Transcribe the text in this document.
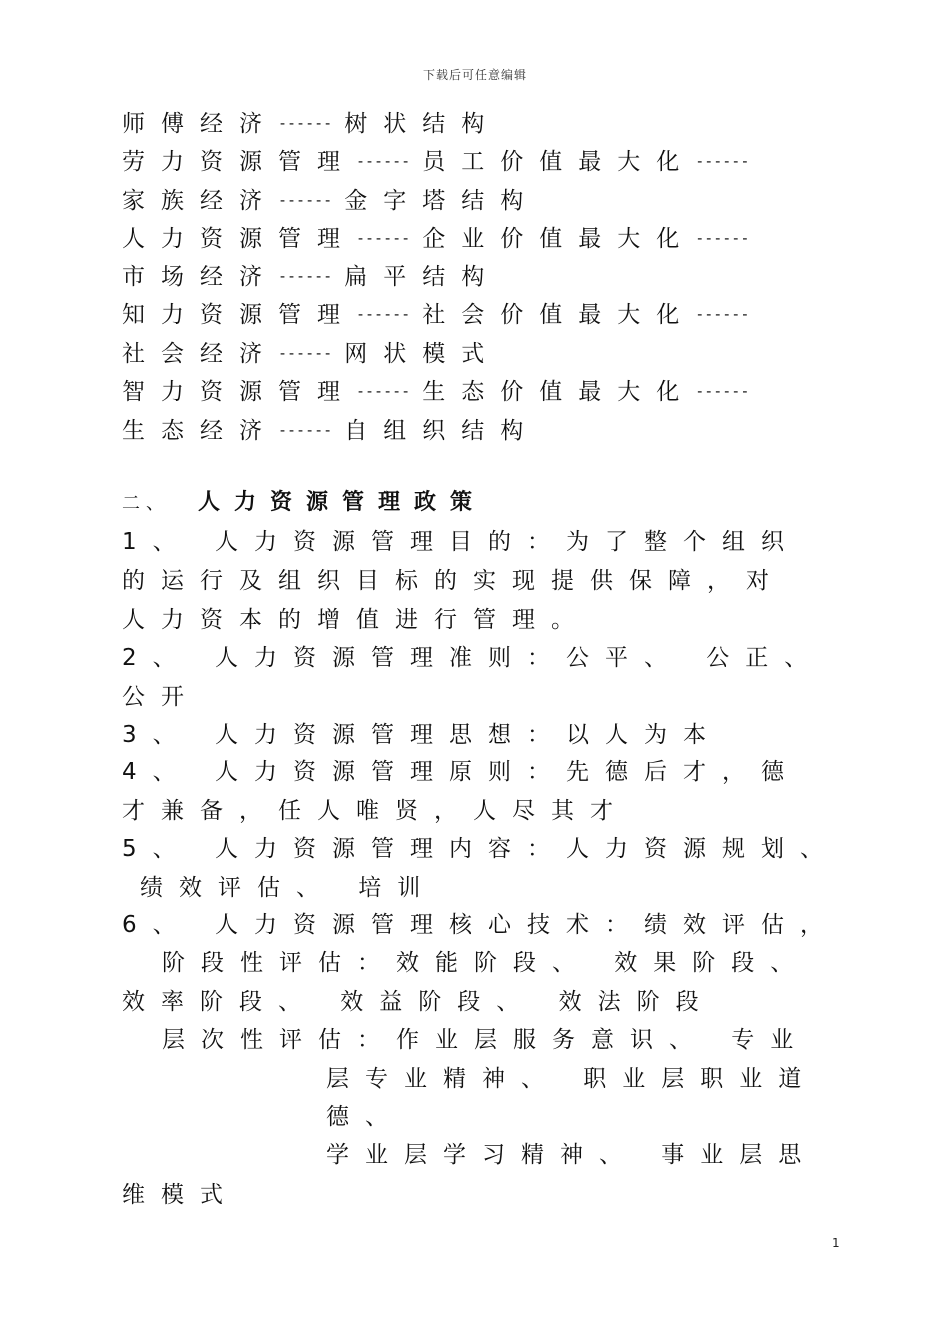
下载后可任意编辑
师傅经济------ 树状结构
劳力资源管理------ 员工价值最大化------
家族经济------ 金字塔结构
人力资源管理------ 企业价值最大化------
市场经济------ 扁平结构
知力资源管理------ 社会价值最大化------
社会经济------ 网状模式
智力资源管理------ 生态价值最大化------
生态经济------ 自组织结构
二、 人力资源管理政策
1、 人力资源管理目的：为了整个组织
的运行及组织目标的实现提供保障，对
人力资本的增值进行管理。
2、 人力资源管理准则：公平、 公正、
公开
3、 人力资源管理思想：以人为本
4、 人力资源管理原则：先德后才，德
才兼备，任人唯贤，人尽其才
5、 人力资源管理内容：人力资源规划、
绩效评估、 培训
6、 人力资源管理核心技术：绩效评估，
阶段性评估：效能阶段、 效果阶段、
效率阶段、 效益阶段、 效法阶段
层次性评估：作业层服务意识、 专业
层专业精神、 职业层职业道
德、
学业层学习精神、 事业层思
维模式
1
